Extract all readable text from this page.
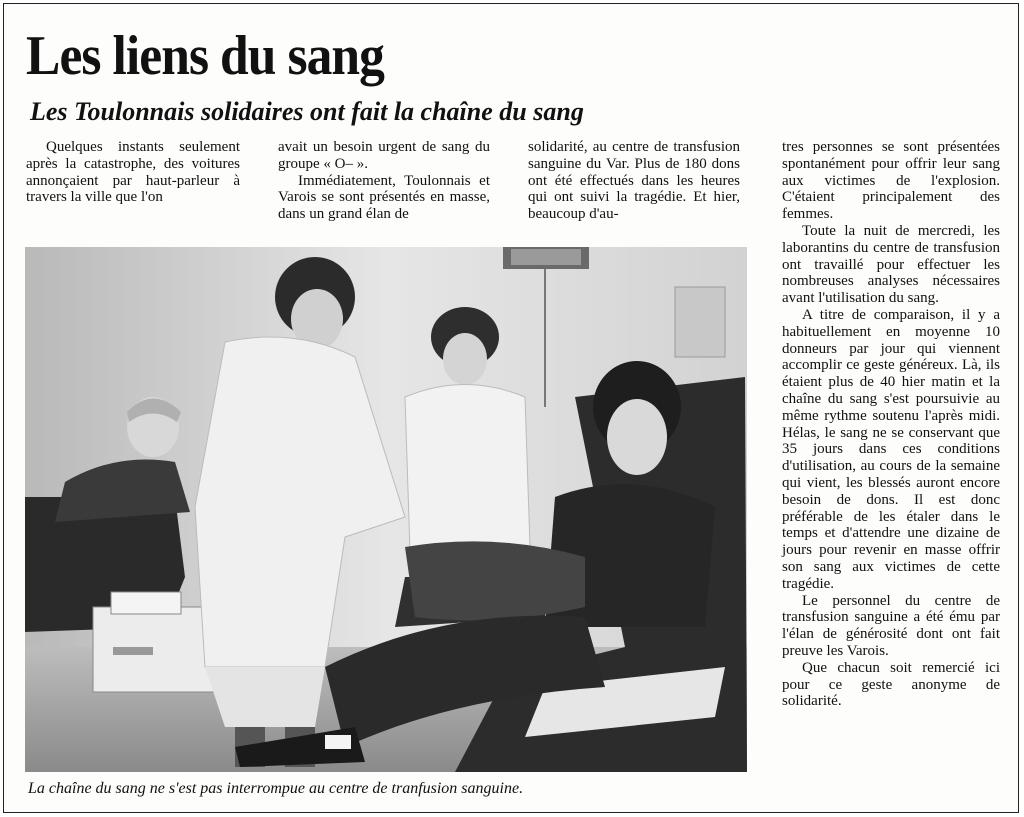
Les liens du sang
Les Toulonnais solidaires ont fait la chaîne du sang

Quelques instants seulement après la catastrophe, des voitures annonçaient par haut-parleur à travers la ville que l'on

avait un besoin urgent de sang du groupe « O– ».

Immédiatement, Toulonnais et Varois se sont présentés en masse, dans un grand élan de

solidarité, au centre de transfusion sanguine du Var. Plus de 180 dons ont été effectués dans les heures qui ont suivi la tragédie. Et hier, beaucoup d'au-

tres personnes se sont présentées spontanément pour offrir leur sang aux victimes de l'explosion. C'étaient principalement des femmes.

Toute la nuit de mercredi, les laborantins du centre de transfusion ont travaillé pour effectuer les nombreuses analyses nécessaires avant l'utilisation du sang.

A titre de comparaison, il y a habituellement en moyenne 10 donneurs par jour qui viennent accomplir ce geste généreux. Là, ils étaient plus de 40 hier matin et la chaîne du sang s'est poursuivie au même rythme soutenu l'après midi. Hélas, le sang ne se conservant que 35 jours dans ces conditions d'utilisation, au cours de la semaine qui vient, les blessés auront encore besoin de dons. Il est donc préférable de les étaler dans le temps et d'attendre une dizaine de jours pour revenir en masse offrir son sang aux victimes de cette tragédie.

Le personnel du centre de transfusion sanguine a été ému par l'élan de générosité dont ont fait preuve les Varois.

Que chacun soit remercié ici pour ce geste anonyme de solidarité.

La chaîne du sang ne s'est pas interrompue au centre de tranfusion sanguine.
